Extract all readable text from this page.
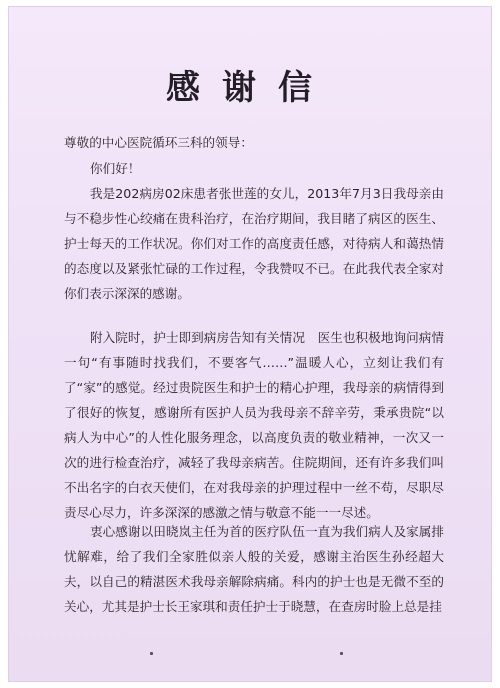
感谢信
尊敬的中心医院循环三科的领导：
你们好！
我是202病房02床患者张世莲的女儿，2013年7月3日我母亲由与不稳步性心绞痛在贵科治疗，在治疗期间，我目睹了病区的医生、护士每天的工作状况。你们对工作的高度责任感，对待病人和蔼热情的态度以及紧张忙碌的工作过程，令我赞叹不已。在此我代表全家对你们表示深深的感谢。
附入院时，护士即到病房告知有关情况　医生也积极地询问病情一句“有事随时找我们，不要客气……”温暖人心，立刻让我们有了“家”的感觉。经过贵院医生和护士的精心护理，我母亲的病情得到了很好的恢复，感谢所有医护人员为我母亲不辞辛劳，秉承贵院“以病人为中心”的人性化服务理念，以高度负责的敬业精神，一次又一次的进行检查治疗，减轻了我母亲病苦。住院期间，还有许多我们叫不出名字的白衣天使们，在对我母亲的护理过程中一丝不苟，尽职尽责尽心尽力，许多深深的感激之情与敬意不能一一尽述。
衷心感谢以田晓岚主任为首的医疗队伍一直为我们病人及家属排忧解难，给了我们全家胜似亲人般的关爱，感谢主治医生孙经超大夫，以自己的精湛医术我母亲解除病痛。科内的护士也是无微不至的关心，尤其是护士长王家琪和责任护士于晓慧，在查房时脸上总是挂
